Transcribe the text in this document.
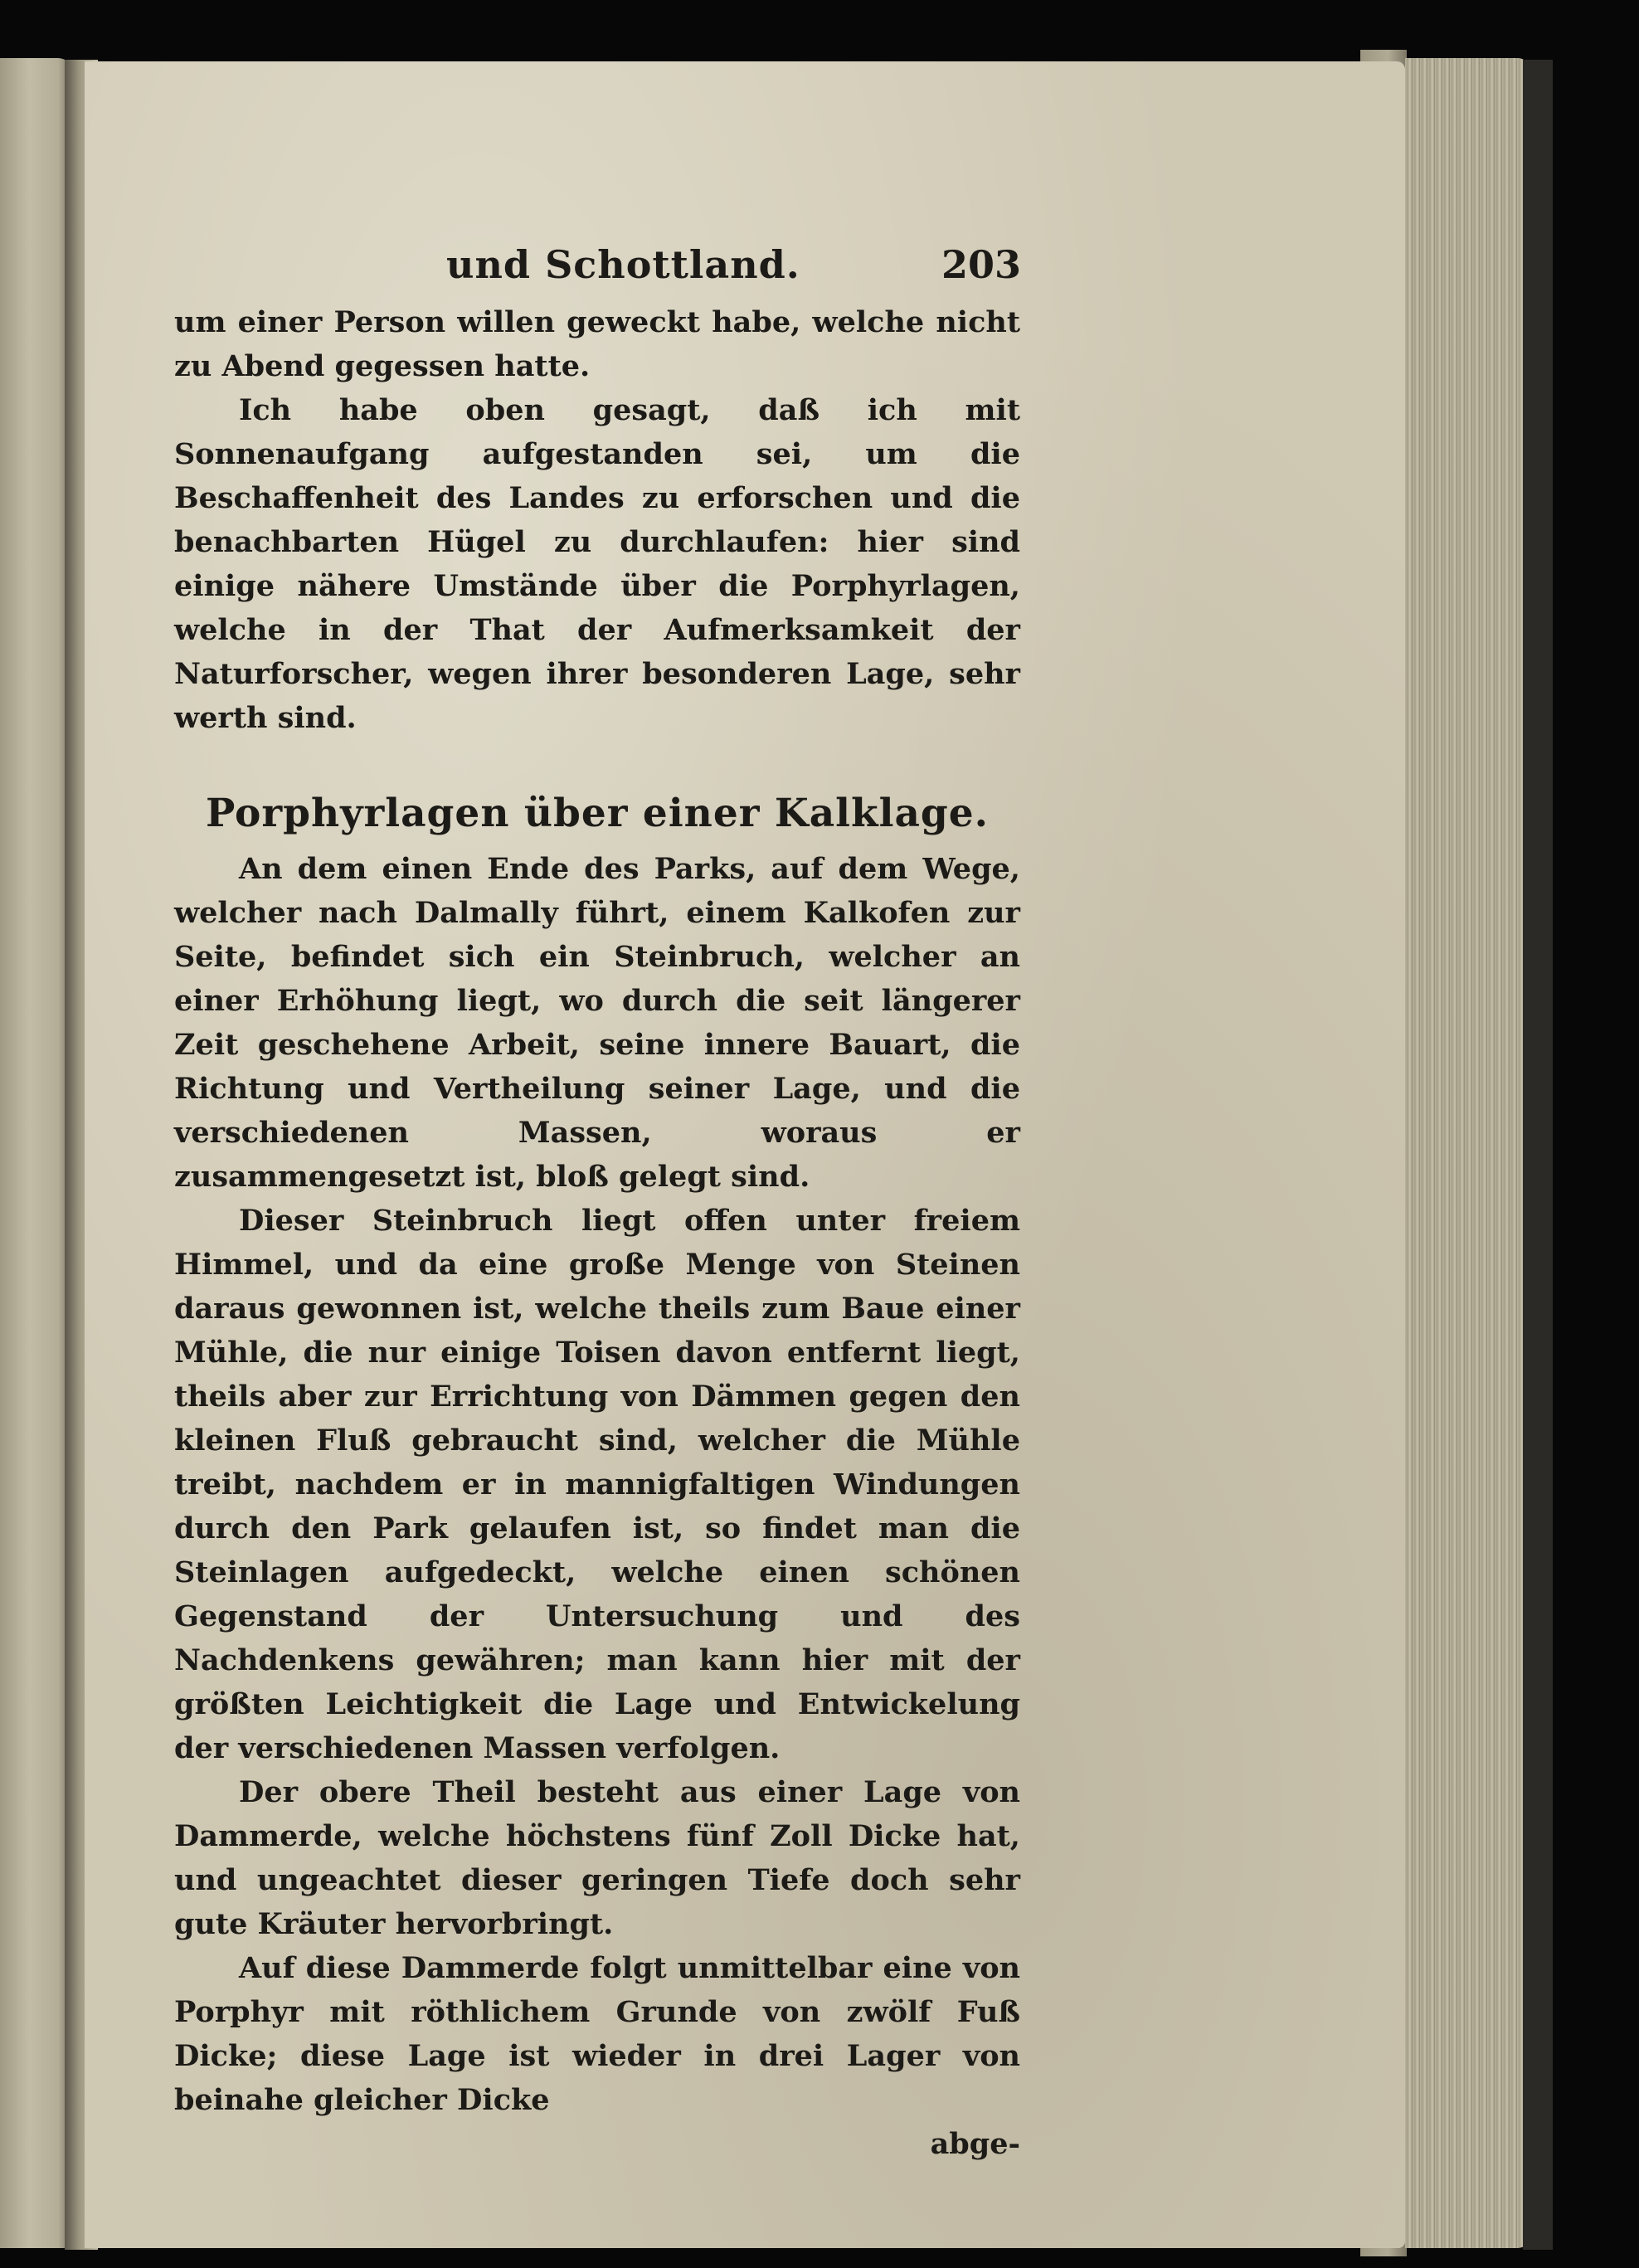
und Schottland.	203

um einer Person willen geweckt habe, welche nicht zu Abend gegessen hatte.

Ich habe oben gesagt, daß ich mit Sonnenaufgang aufgestanden sei, um die Beschaffenheit des Landes zu erforschen und die benachbarten Hügel zu durchlaufen: hier sind einige nähere Umstände über die Porphyrlagen, welche in der That der Aufmerksamkeit der Naturforscher, wegen ihrer besonderen Lage, sehr werth sind.

Porphyrlagen über einer Kalklage.

An dem einen Ende des Parks, auf dem Wege, welcher nach Dalmally führt, einem Kalkofen zur Seite, befindet sich ein Steinbruch, welcher an einer Erhöhung liegt, wo durch die seit längerer Zeit geschehene Arbeit, seine innere Bauart, die Richtung und Vertheilung seiner Lage, und die verschiedenen Massen, woraus er zusammengesetzt ist, bloß gelegt sind.

Dieser Steinbruch liegt offen unter freiem Himmel, und da eine große Menge von Steinen daraus gewonnen ist, welche theils zum Baue einer Mühle, die nur einige Toisen davon entfernt liegt, theils aber zur Errichtung von Dämmen gegen den kleinen Fluß gebraucht sind, welcher die Mühle treibt, nachdem er in mannigfaltigen Windungen durch den Park gelaufen ist, so findet man die Steinlagen aufgedeckt, welche einen schönen Gegenstand der Untersuchung und des Nachdenkens gewähren; man kann hier mit der größten Leichtigkeit die Lage und Entwickelung der verschiedenen Massen verfolgen.

Der obere Theil besteht aus einer Lage von Dammerde, welche höchstens fünf Zoll Dicke hat, und ungeachtet dieser geringen Tiefe doch sehr gute Kräuter hervorbringt.

Auf diese Dammerde folgt unmittelbar eine von Porphyr mit röthlichem Grunde von zwölf Fuß Dicke; diese Lage ist wieder in drei Lager von beinahe gleicher Dicke

abge-
